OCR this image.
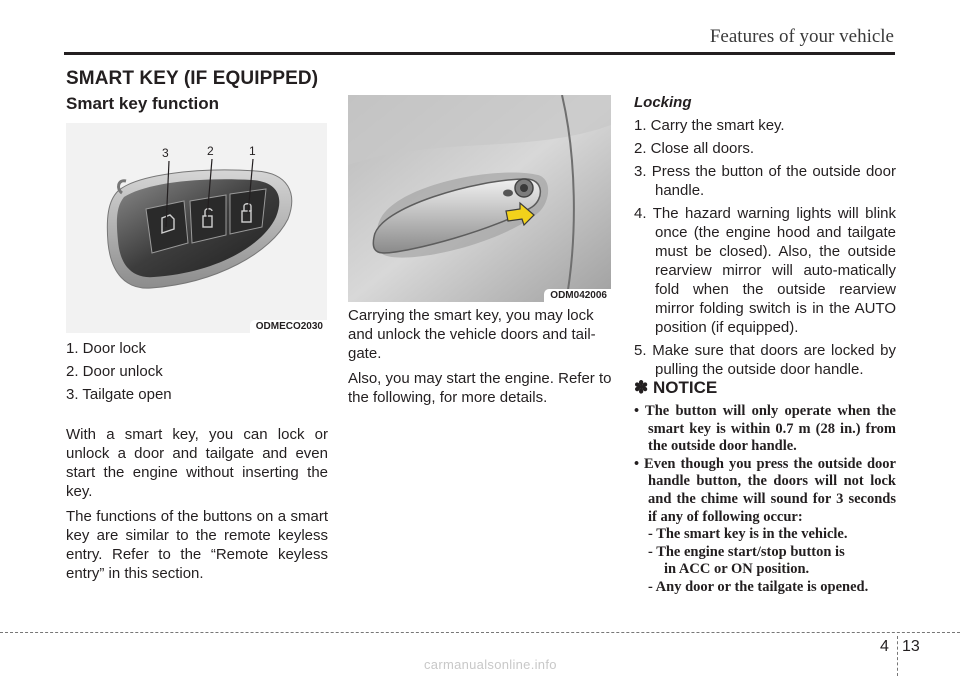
Features of your vehicle
SMART KEY (IF EQUIPPED)
Smart key function
3	2	1
ODMECO2030
1. Door lock
2. Door unlock
3. Tailgate open

With a smart key, you can lock or unlock a door and tailgate and even start the engine without inserting the key.

The functions of the buttons on a smart key are similar to the remote keyless entry. Refer to the “Remote keyless entry” in this section.

ODM042006

Carrying the smart key, you may lock and unlock the vehicle doors and tail-gate.

Also, you may start the engine. Refer to the following, for more details.

Locking
1. Carry the smart key.
2. Close all doors.
3. Press the button of the outside door handle.
4. The hazard warning lights will blink once (the engine hood and tailgate must be closed). Also, the outside rearview mirror will auto-matically fold when the outside rearview mirror folding switch is in the AUTO position (if equipped).
5. Make sure that doors are locked by pulling the outside door handle.
✽ NOTICE

• The button will only operate when the smart key is within 0.7 m (28 in.) from the outside door handle.

• Even though you press the outside door handle button, the doors will not lock and the chime will sound for 3 seconds if any of following occur:

- The smart key is in the vehicle.

- The engine start/stop button is

in ACC or ON position.

- Any door or the tailgate is opened.

4 13
carmanualsonline.info
